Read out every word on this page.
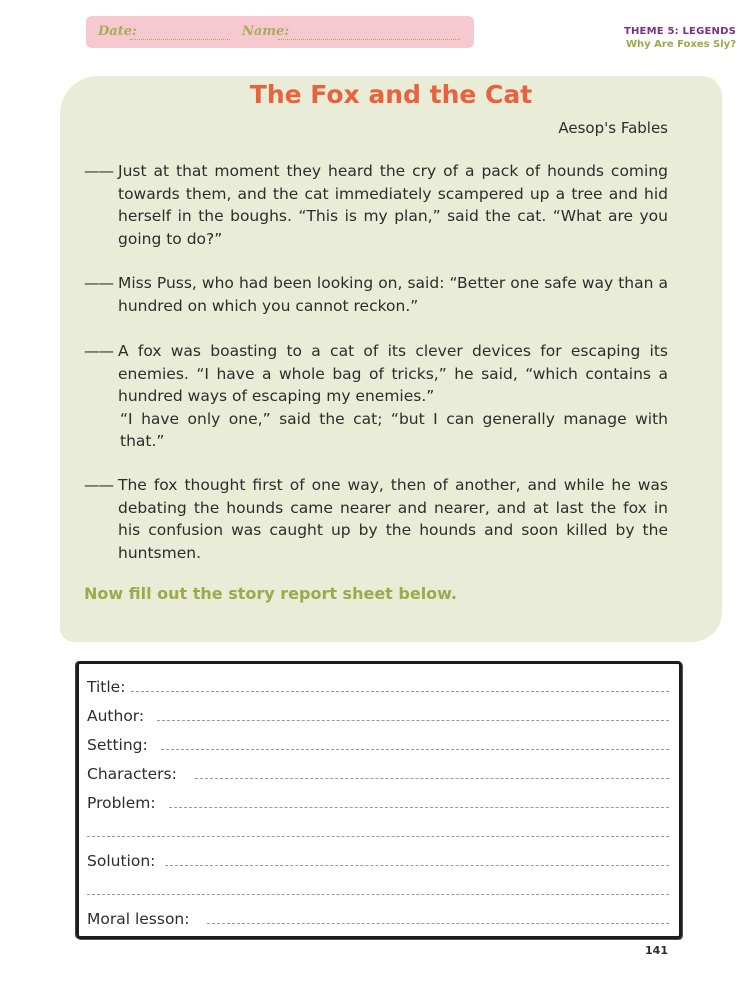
Date:	Name:	THEME 5: LEGENDS
Why Are Foxes Sly?
The Fox and the Cat
Aesop's Fables
—— Just at that moment they heard the cry of a pack of hounds coming towards them, and the cat immediately scampered up a tree and hid herself in the boughs. “This is my plan,” said the cat. “What are you going to do?”
—— Miss Puss, who had been looking on, said: “Better one safe way than a hundred on which you cannot reckon.”
—— A fox was boasting to a cat of its clever devices for escaping its enemies. “I have a whole bag of tricks,” he said, “which contains a hundred ways of escaping my enemies.”
“I have only one,” said the cat; “but I can generally manage with that.”
—— The fox thought first of one way, then of another, and while he was debating the hounds came nearer and nearer, and at last the fox in his confusion was caught up by the hounds and soon killed by the huntsmen.
Now fill out the story report sheet below.
Title:
Author:
Setting:
Characters:
Problem:
Solution:
Moral lesson:
141
